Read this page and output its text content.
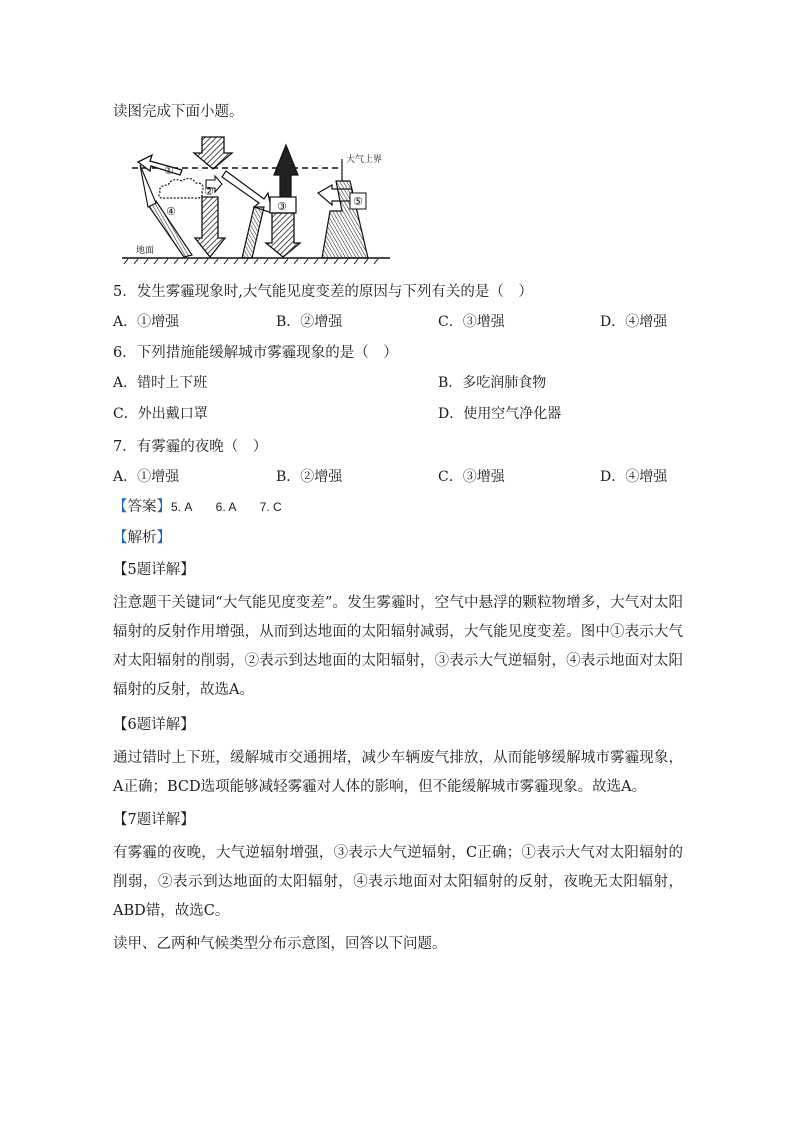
读图完成下面小题。
①
②
③
④
⑤
大气上界
地面
5．发生雾霾现象时,大气能见度变差的原因与下列有关的是（　）
A．①增强	B．②增强	C．③增强	D．④增强
6．下列措施能缓解城市雾霾现象的是（　）
A．错时上下班	B．多吃润肺食物
C．外出戴口罩	D．使用空气净化器
7．有雾霾的夜晚（　）
A．①增强	B．②增强	C．③增强	D．④增强
【答案】5. A　　6. A　　7. C
【解析】
【5题详解】
注意题干关键词“大气能见度变差”。发生雾霾时，空气中悬浮的颗粒物增多，大气对太阳辐射的反射作用增强，从而到达地面的太阳辐射减弱，大气能见度变差。图中①表示大气对太阳辐射的削弱，②表示到达地面的太阳辐射，③表示大气逆辐射，④表示地面对太阳辐射的反射，故选A。
【6题详解】
通过错时上下班，缓解城市交通拥堵，减少车辆废气排放，从而能够缓解城市雾霾现象，A正确；BCD选项能够减轻雾霾对人体的影响，但不能缓解城市雾霾现象。故选A。
【7题详解】
有雾霾的夜晚，大气逆辐射增强，③表示大气逆辐射，C正确；①表示大气对太阳辐射的削弱，②表示到达地面的太阳辐射，④表示地面对太阳辐射的反射，夜晚无太阳辐射，ABD错，故选C。
读甲、乙两种气候类型分布示意图，回答以下问题。
